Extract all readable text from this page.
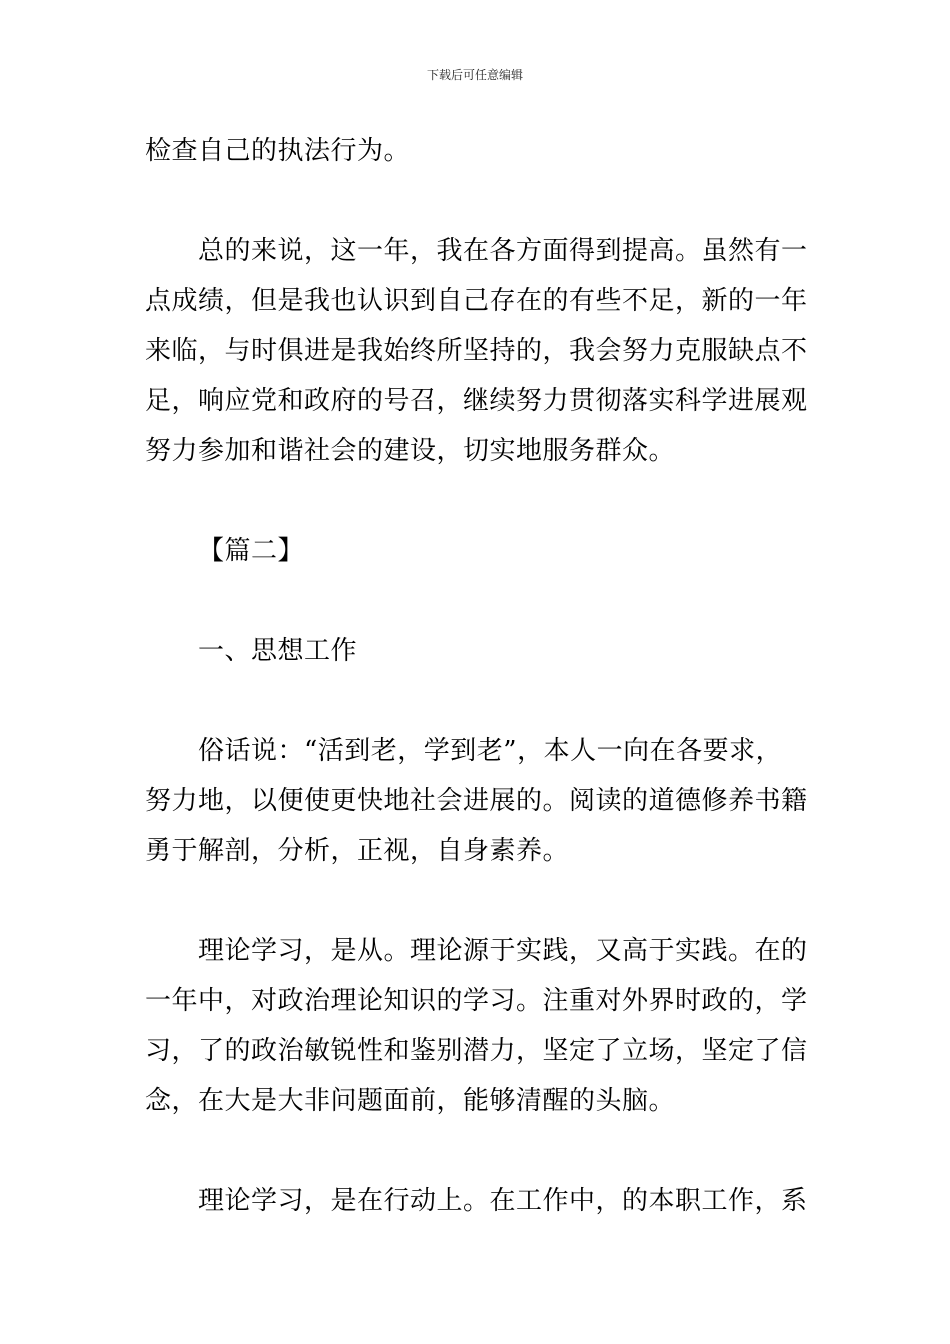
下载后可任意编辑
检查自己的执法行为。
总的来说，这一年，我在各方面得到提高。虽然有一
点成绩，但是我也认识到自己存在的有些不足，新的一年
来临，与时俱进是我始终所坚持的，我会努力克服缺点不
足，响应党和政府的号召，继续努力贯彻落实科学进展观
努力参加和谐社会的建设，切实地服务群众。
【篇二】
一、思想工作
俗话说：“活到老，学到老”，本人一向在各要求，
努力地，以便使更快地社会进展的。阅读的道德修养书籍
勇于解剖，分析，正视，自身素养。
理论学习，是从。理论源于实践，又高于实践。在的
一年中，对政治理论知识的学习。注重对外界时政的，学
习，了的政治敏锐性和鉴别潜力，坚定了立场，坚定了信
念，在大是大非问题面前，能够清醒的头脑。
理论学习，是在行动上。在工作中，的本职工作，系
